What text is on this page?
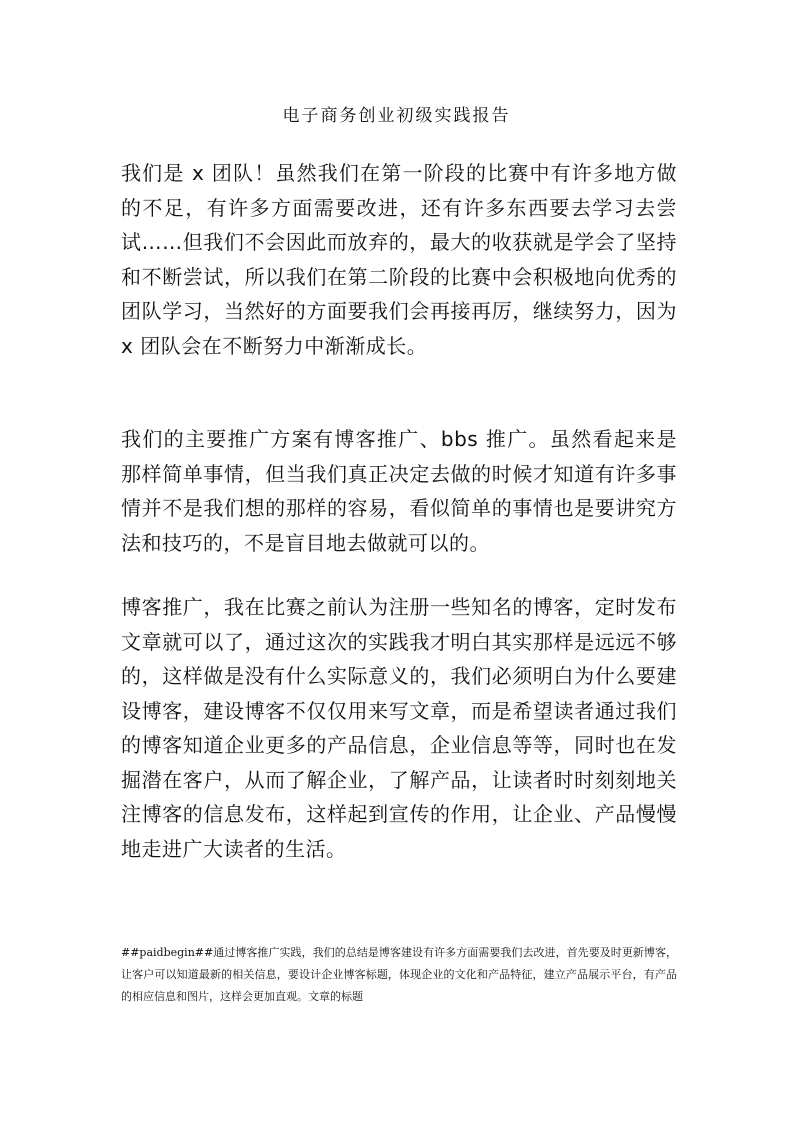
电子商务创业初级实践报告

我们是 x 团队！虽然我们在第一阶段的比赛中有许多地方做的不足，有许多方面需要改进，还有许多东西要去学习去尝试……但我们不会因此而放弃的，最大的收获就是学会了坚持和不断尝试，所以我们在第二阶段的比赛中会积极地向优秀的团队学习，当然好的方面要我们会再接再厉，继续努力，因为 x 团队会在不断努力中渐渐成长。

我们的主要推广方案有博客推广、bbs 推广。虽然看起来是那样简单事情，但当我们真正决定去做的时候才知道有许多事情并不是我们想的那样的容易，看似简单的事情也是要讲究方法和技巧的，不是盲目地去做就可以的。

博客推广，我在比赛之前认为注册一些知名的博客，定时发布文章就可以了，通过这次的实践我才明白其实那样是远远不够的，这样做是没有什么实际意义的，我们必须明白为什么要建设博客，建设博客不仅仅用来写文章，而是希望读者通过我们的博客知道企业更多的产品信息，企业信息等等，同时也在发掘潜在客户，从而了解企业，了解产品，让读者时时刻刻地关注博客的信息发布，这样起到宣传的作用，让企业、产品慢慢地走进广大读者的生活。

##paidbegin##通过博客推广实践，我们的总结是博客建设有许多方面需要我们去改进，首先要及时更新博客，让客户可以知道最新的相关信息，要设计企业博客标题，体现企业的文化和产品特征，建立产品展示平台，有产品的相应信息和图片，这样会更加直观。文章的标题
